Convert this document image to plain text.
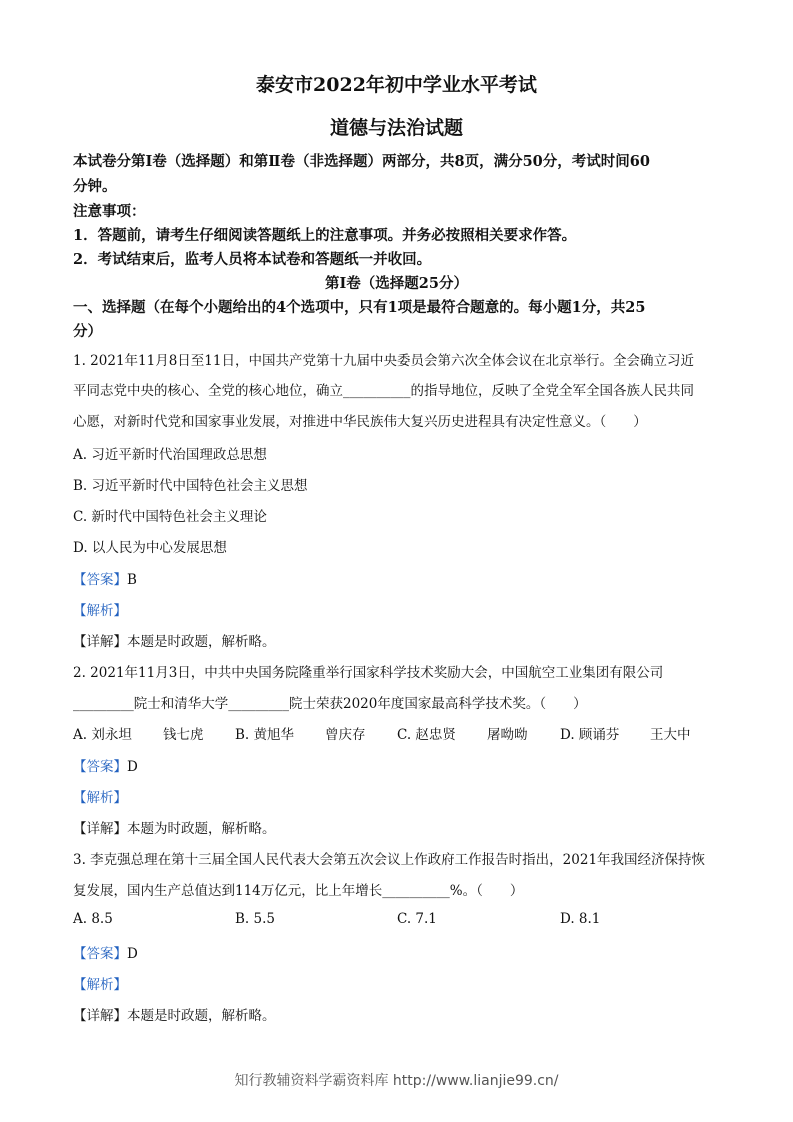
泰安市2022年初中学业水平考试
道德与法治试题
本试卷分第Ⅰ卷（选择题）和第Ⅱ卷（非选择题）两部分，共8页，满分50分，考试时间60
分钟。
注意事项：
1．答题前，请考生仔细阅读答题纸上的注意事项。并务必按照相关要求作答。
2．考试结束后，监考人员将本试卷和答题纸一并收回。
第Ⅰ卷（选择题25分）
一、选择题（在每个小题给出的4个选项中，只有1项是最符合题意的。每小题1分，共25
分）
1. 2021年11月8日至11日，中国共产党第十九届中央委员会第六次全体会议在北京举行。全会确立习近
平同志党中央的核心、全党的核心地位，确立__________的指导地位，反映了全党全军全国各族人民共同
心愿，对新时代党和国家事业发展，对推进中华民族伟大复兴历史进程具有决定性意义。（　　）
A. 习近平新时代治国理政总思想
B. 习近平新时代中国特色社会主义思想
C. 新时代中国特色社会主义理论
D. 以人民为中心发展思想
【答案】B
【解析】
【详解】本题是时政题，解析略。
2. 2021年11月3日，中共中央国务院隆重举行国家科学技术奖励大会，中国航空工业集团有限公司
_________院士和清华大学_________院士荣获2020年度国家最高科学技术奖。（　　）
A. 刘永坦 钱七虎 B. 黄旭华 曾庆存 C. 赵忠贤 屠呦呦 D. 顾诵芬 王大中
【答案】D
【解析】
【详解】本题为时政题，解析略。
3. 李克强总理在第十三届全国人民代表大会第五次会议上作政府工作报告时指出，2021年我国经济保持恢
复发展，国内生产总值达到114万亿元，比上年增长__________%。（　　）
A. 8.5	B. 5.5	C. 7.1	D. 8.1
【答案】D
【解析】
【详解】本题是时政题，解析略。
知行教辅资料学霸资料库 http://www.lianjie99.cn/
